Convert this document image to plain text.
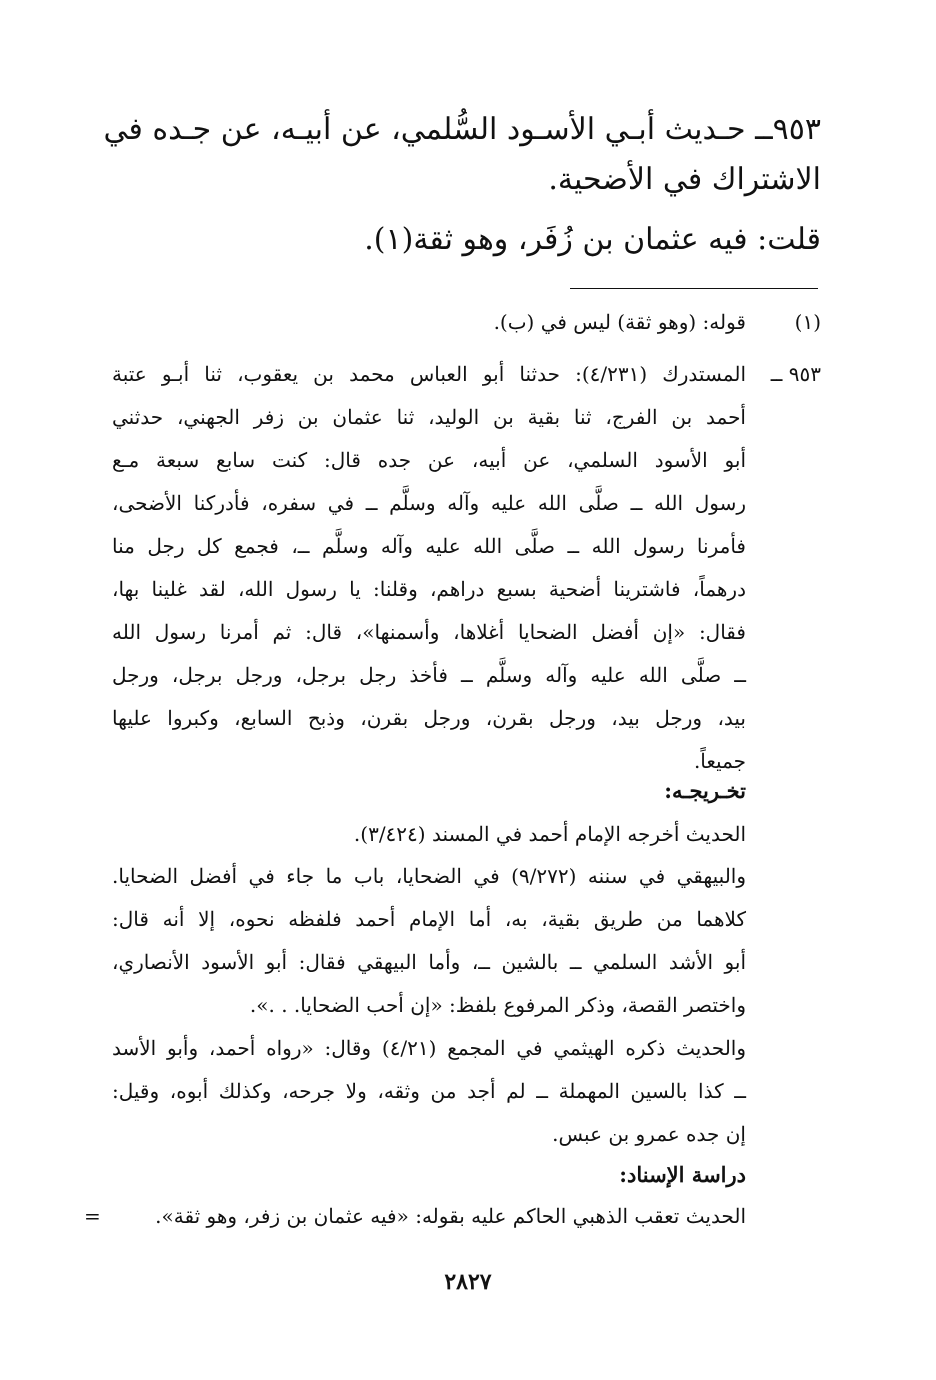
٩٥٣ــ حـديث أبـي الأسـود السُّلمي، عن أبيـه، عن جـده في
الاشتراك في الأضحية.
قلت: فيه عثمان بن زُفَر، وهو ثقة(١).
(١)
قوله: (وهو ثقة) ليس في (ب).
٩٥٣ ــ
المستدرك (٤/٢٣١): حدثنا أبو العباس محمد بن يعقوب، ثنا أبـو عتبة
أحمد بن الفرج، ثنا بقية بن الوليد، ثنا عثمان بن زفر الجهني، حدثني
أبو الأسود السلمي، عن أبيه، عن جده قال: كنت سابع سبعة مـع
رسول الله ــ صلَّى الله عليه وآله وسلَّم ــ في سفره، فأدركنا الأضحى،
فأمرنا رسول الله ــ صلَّى الله عليه وآله وسلَّم ــ، فجمع كل رجل منا
درهماً، فاشترينا أضحية بسبع دراهم، وقلنا: يا رسول الله، لقد غلينا بها،
فقال: «إن أفضل الضحايا أغلاها، وأسمنها»، قال: ثم أمرنا رسول الله
ــ صلَّى الله عليه وآله وسلَّم ــ فأخذ رجل برجل، ورجل برجل، ورجل
بيد، ورجل بيد، ورجل بقرن، ورجل بقرن، وذبح السابع، وكبروا عليها
جميعاً.
تخـريجـه:
الحديث أخرجه الإمام أحمد في المسند (٣/٤٢٤).
والبيهقي في سننه (٩/٢٧٢) في الضحايا، باب ما جاء في أفضل الضحايا.
كلاهما من طريق بقية، به، أما الإمام أحمد فلفظه نحوه، إلا أنه قال:
أبو الأشد السلمي ــ بالشين ــ، وأما البيهقي فقال: أبو الأسود الأنصاري،
واختصر القصة، وذكر المرفوع بلفظ: «إن أحب الضحايا. . .».
والحديث ذكره الهيثمي في المجمع (٤/٢١) وقال: «رواه أحمد، وأبو الأسد
ــ كذا بالسين المهملة ــ لم أجد من وثقه، ولا جرحه، وكذلك أبوه، وقيل:
إن جده عمرو بن عبس.
دراسة الإسناد:
الحديث تعقب الذهبي الحاكم عليه بقوله: «فيه عثمان بن زفر، وهو ثقة».
=
٢٨٢٧
